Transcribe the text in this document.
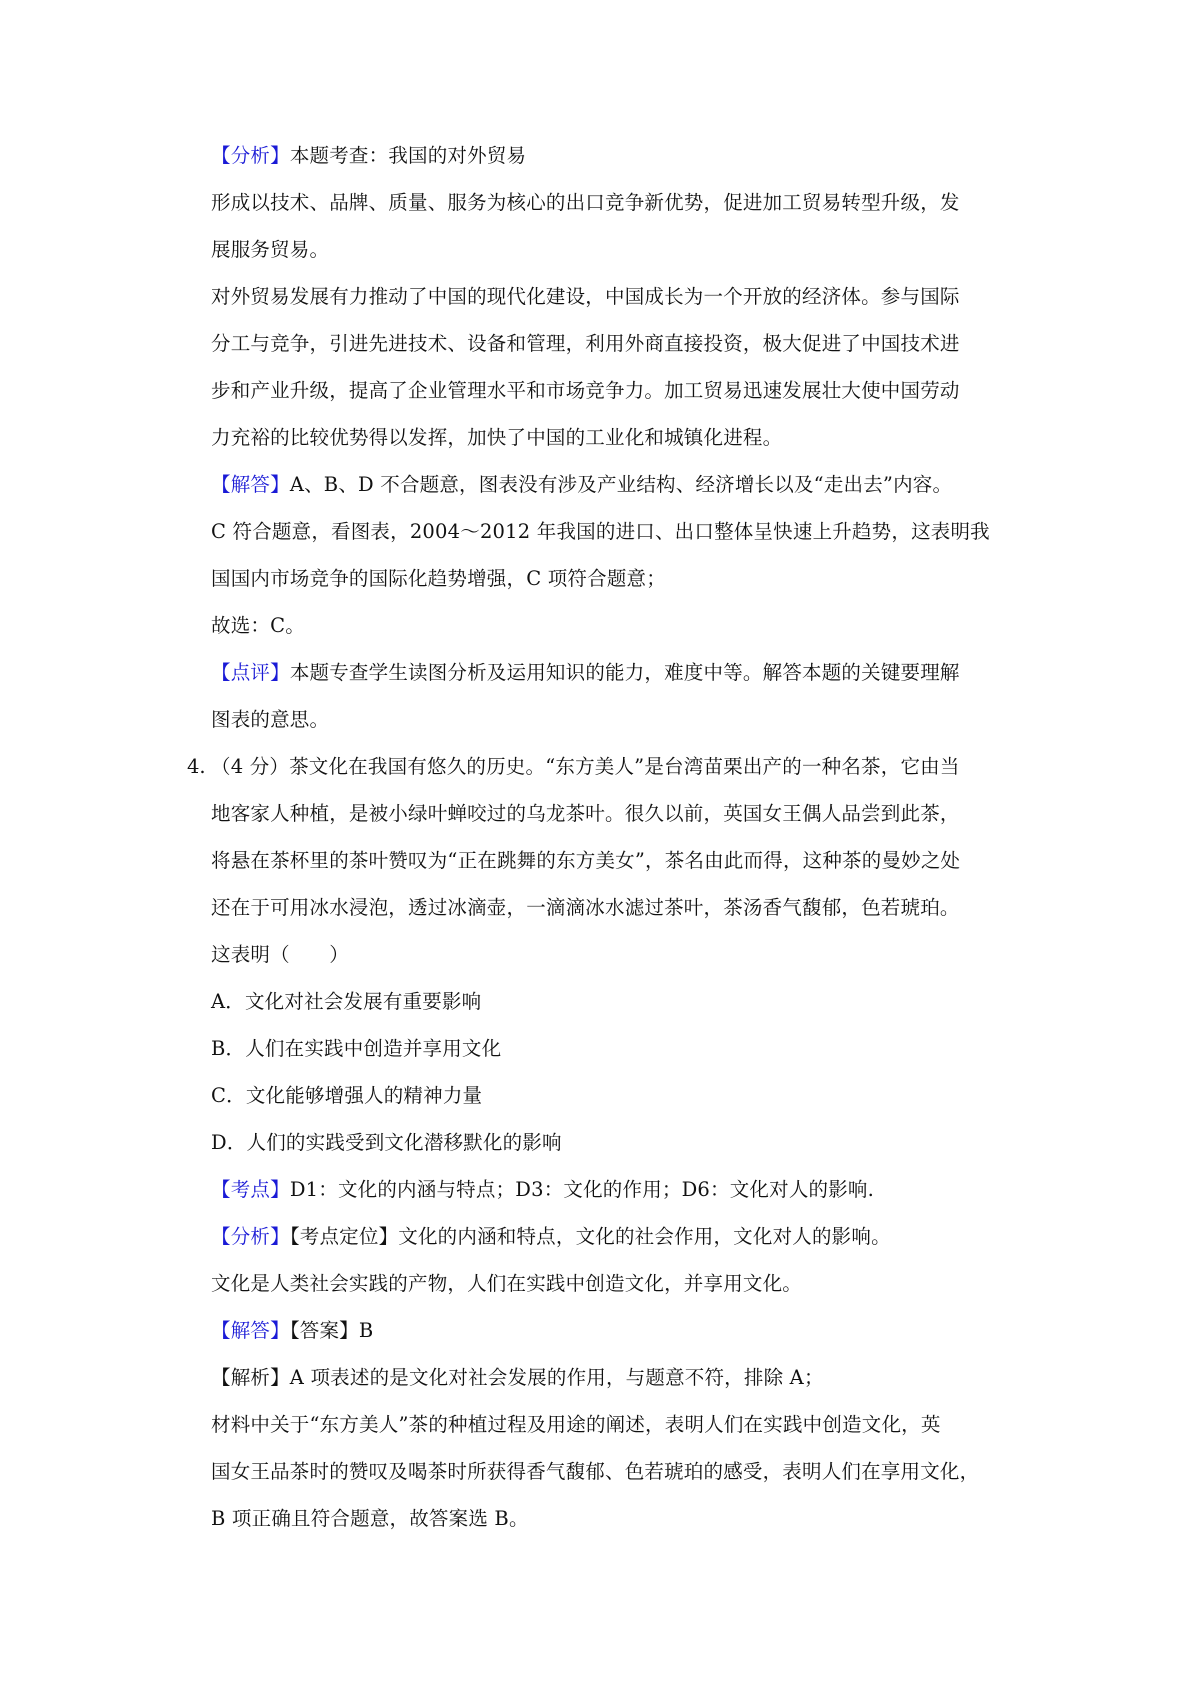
【分析】本题考查：我国的对外贸易
形成以技术、品牌、质量、服务为核心的出口竞争新优势，促进加工贸易转型升级，发
展服务贸易。
对外贸易发展有力推动了中国的现代化建设，中国成长为一个开放的经济体。参与国际
分工与竞争，引进先进技术、设备和管理，利用外商直接投资，极大促进了中国技术进
步和产业升级，提高了企业管理水平和市场竞争力。加工贸易迅速发展壮大使中国劳动
力充裕的比较优势得以发挥，加快了中国的工业化和城镇化进程。
【解答】A、B、D 不合题意，图表没有涉及产业结构、经济增长以及“走出去”内容。
C 符合题意，看图表，2004～2012 年我国的进口、出口整体呈快速上升趋势，这表明我
国国内市场竞争的国际化趋势增强，C 项符合题意；
故选：C。
【点评】本题专查学生读图分析及运用知识的能力，难度中等。解答本题的关键要理解
图表的意思。
4. （4 分）茶文化在我国有悠久的历史。“东方美人”是台湾苗栗出产的一种名茶，它由当
地客家人种植，是被小绿叶蝉咬过的乌龙茶叶。很久以前，英国女王偶人品尝到此茶，
将悬在茶杯里的茶叶赞叹为“正在跳舞的东方美女”，茶名由此而得，这种茶的曼妙之处
还在于可用冰水浸泡，透过冰滴壶，一滴滴冰水滤过茶叶，茶汤香气馥郁，色若琥珀。
这表明（　　）
A．文化对社会发展有重要影响
B．人们在实践中创造并享用文化
C．文化能够增强人的精神力量
D．人们的实践受到文化潜移默化的影响
【考点】D1：文化的内涵与特点；D3：文化的作用；D6：文化对人的影响.
【分析】【考点定位】文化的内涵和特点，文化的社会作用，文化对人的影响。
文化是人类社会实践的产物，人们在实践中创造文化，并享用文化。
【解答】【答案】B
【解析】A 项表述的是文化对社会发展的作用，与题意不符，排除 A；
材料中关于“东方美人”茶的种植过程及用途的阐述，表明人们在实践中创造文化，英
国女王品茶时的赞叹及喝茶时所获得香气馥郁、色若琥珀的感受，表明人们在享用文化，
B 项正确且符合题意，故答案选 B。
